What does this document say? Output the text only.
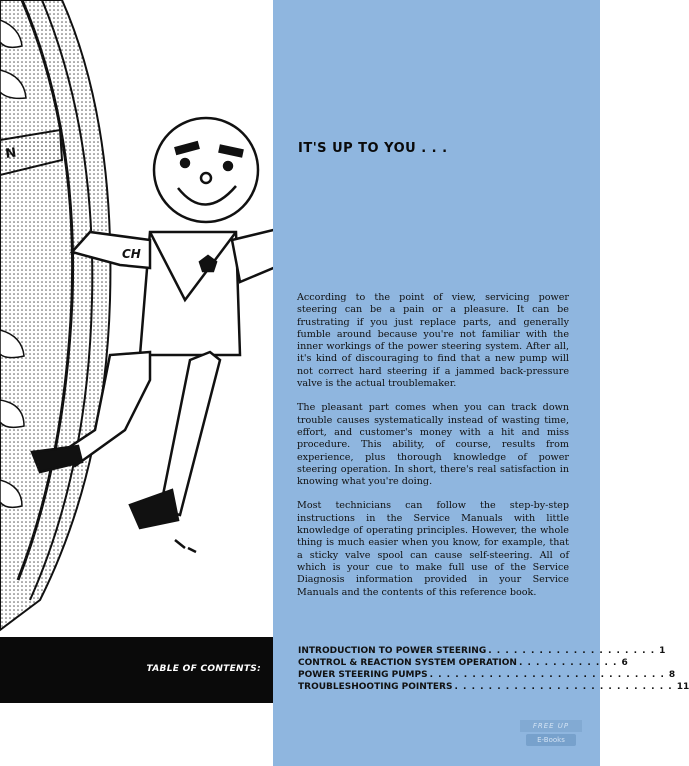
N
CH
IT'S UP TO YOU . . .

According to the point of view, servicing power steering can be a pain or a pleasure. It can be frustrating if you just replace parts, and generally fumble around because you're not familiar with the inner workings of the power steering system. After all, it's kind of discouraging to find that a new pump will not correct hard steering if a jammed back-pressure valve is the actual troublemaker.

The pleasant part comes when you can track down trouble causes systematically instead of wasting time, effort, and customer's money with a hit and miss procedure. This ability, of course, results from experience, plus thorough knowledge of power steering operation. In short, there's real satisfaction in knowing what you're doing.

Most technicians can follow the step-by-step instructions in the Service Manuals with little knowledge of operating principles. However, the whole thing is much easier when you know, for example, that a sticky valve spool can cause self-steering. All of which is your cue to make full use of the Service Diagnosis information provided in your Service Manuals and the contents of this reference book.

TABLE OF CONTENTS:
INTRODUCTION TO POWER STEERING . . . . . . . . . . . . . . . . . . . . 1
CONTROL & REACTION SYSTEM OPERATION . . . . . . . . . . . . 6
POWER STEERING PUMPS . . . . . . . . . . . . . . . . . . . . . . . . . . . . 8
TROUBLESHOOTING POINTERS . . . . . . . . . . . . . . . . . . . . . . . . . . 11
FREE UP
E-Books
